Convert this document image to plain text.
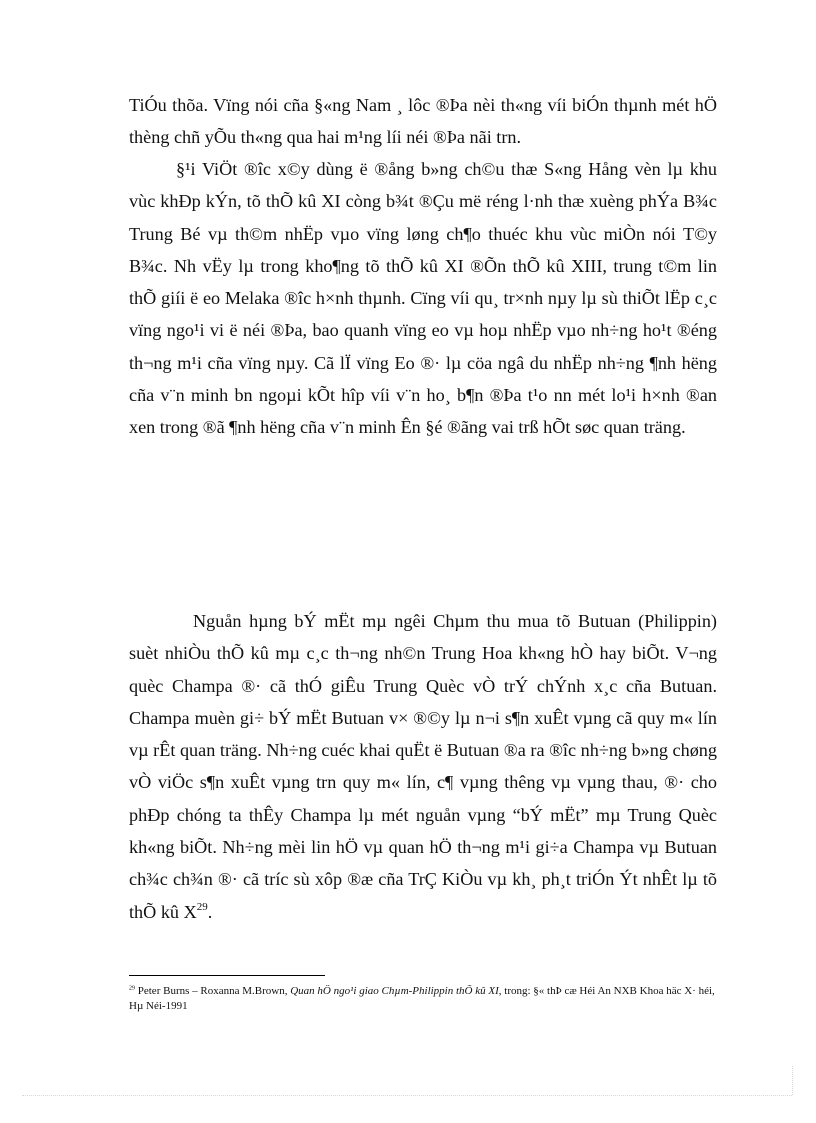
TiÓu thõa. Vïng nói cña §«ng Nam ¸ lôc ®Þa nèi th«ng víi biÓn thµnh mét hÖ thèng chñ yÕu th«ng qua hai m¹ng líi néi ®Þa nãi trn.

§¹i ViÖt ®îc x©y dùng ë ®ång b»ng ch©u thæ S«ng Hång vèn lµ khu vùc khÐp kÝn, tõ thÕ kû XI còng b¾t ®Çu më réng l·nh thæ xuèng phÝa B¾c Trung Bé vµ th©m nhËp vµo vïng løng ch¶o thuéc khu vùc miÒn nói T©y B¾c. Nh vËy lµ trong kho¶ng tõ thÕ kû XI ®Õn thÕ kû XIII, trung t©m lin thÕ giíi ë eo Melaka ®îc h×nh thµnh. Cïng víi qu¸ tr×nh nµy lµ sù thiÕt lËp c¸c vïng ngo¹i vi ë néi ®Þa, bao quanh vïng eo vµ hoµ nhËp vµo nh÷ng ho¹t ®éng th¬ng m¹i cña vïng nµy. Cã lÏ vïng Eo ®· lµ cöa ngâ du nhËp nh÷ng ¶nh hëng cña v¨n minh bn ngoµi kÕt hîp víi v¨n ho¸ b¶n ®Þa t¹o nn mét lo¹i h×nh ®an xen trong ®ã ¶nh hëng cña v¨n minh Ên §é ®ãng vai trß hÕt søc quan träng.

Nguån hµng bÝ mËt mµ ngêi Chµm thu mua tõ Butuan (Philippin) suèt nhiÒu thÕ kû mµ c¸c th¬ng nh©n Trung Hoa kh«ng hÒ hay biÕt. V¬ng quèc Champa ®· cã thÓ giÊu Trung Quèc vÒ trÝ chÝnh x¸c cña Butuan. Champa muèn gi÷ bÝ mËt Butuan v× ®©y lµ n¬i s¶n xuÊt vµng cã quy m« lín vµ rÊt quan träng. Nh÷ng cuéc khai quËt ë Butuan ®a ra ®îc nh÷ng b»ng chøng vÒ viÖc s¶n xuÊt vµng trn quy m« lín, c¶ vµng thêng vµ vµng thau, ®· cho phÐp chóng ta thÊy Champa lµ mét nguån vµng “bÝ mËt” mµ Trung Quèc kh«ng biÕt. Nh÷ng mèi lin hÖ vµ quan hÖ th¬ng m¹i gi÷a Champa vµ Butuan ch¾c ch¾n ®· cã tríc sù xôp ®æ cña TrÇ KiÒu vµ kh¸ ph¸t triÓn Ýt nhÊt lµ tõ thÕ kû $X^{29}$.

$^{29}$ Peter Burns – Roxanna M.Brown, Quan hÖ ngo¹i giao Chµm-Philippin thÕ kû XI, trong: §« thÞ cæ Héi An NXB Khoa häc X· héi, Hµ Néi-1991
